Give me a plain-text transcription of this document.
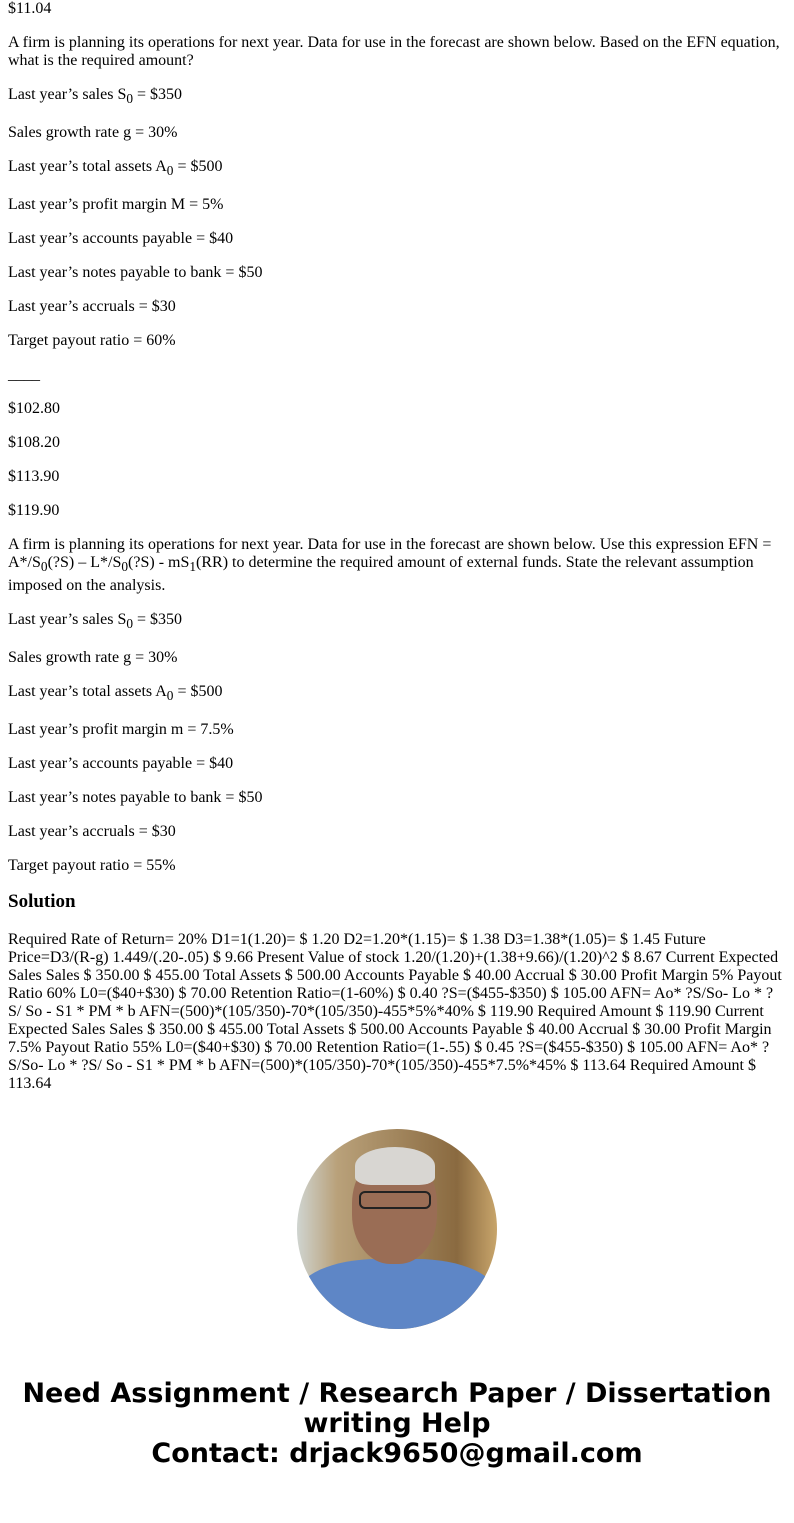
$11.04

A firm is planning its operations for next year. Data for use in the forecast are shown below. Based on the EFN equation, what is the required amount?

Last year’s sales $S_0$ = $350

Sales growth rate g = 30%

Last year’s total assets $A_0$ = $500

Last year’s profit margin M = 5%

Last year’s accounts payable = $40

Last year’s notes payable to bank = $50

Last year’s accruals = $30

Target payout ratio = 60%

____

$102.80

$108.20

$113.90

$119.90

A firm is planning its operations for next year. Data for use in the forecast are shown below. Use this expression EFN = $A*/S_0(?S)$ – $L*/S_0(?S) - mS_1(RR)$ to determine the required amount of external funds. State the relevant assumption imposed on the analysis.

Last year’s sales $S_0$ = $350

Sales growth rate g = 30%

Last year’s total assets $A_0$ = $500

Last year’s profit margin m = 7.5%

Last year’s accounts payable = $40

Last year’s notes payable to bank = $50

Last year’s accruals = $30

Target payout ratio = 55%

Solution
Required Rate of Return= 20% D1=1(1.20)= $ 1.20 D2=1.20*(1.15)= $ 1.38 D3=1.38*(1.05)= $ 1.45 Future Price=D3/(R-g) 1.449/(.20-.05) $ 9.66 Present Value of stock 1.20/(1.20)+(1.38+9.66)/(1.20)^2 $ 8.67 Current Expected Sales Sales $ 350.00 $ 455.00 Total Assets $ 500.00 Accounts Payable $ 40.00 Accrual $ 30.00 Profit Margin 5% Payout Ratio 60% L0=($40+$30) $ 70.00 Retention Ratio=(1-60%) $ 0.40 ?S=($455-$350) $ 105.00 AFN= Ao* ?S/So- Lo * ?S/ So - S1 * PM * b AFN=(500)*(105/350)-70*(105/350)-455*5%*40% $ 119.90 Required Amount $ 119.90 Current Expected Sales Sales $ 350.00 $ 455.00 Total Assets $ 500.00 Accounts Payable $ 40.00 Accrual $ 30.00 Profit Margin 7.5% Payout Ratio 55% L0=($40+$30) $ 70.00 Retention Ratio=(1-.55) $ 0.45 ?S=($455-$350) $ 105.00 AFN= Ao* ?S/So- Lo * ?S/ So - S1 * PM * b AFN=(500)*(105/350)-70*(105/350)-455*7.5%*45% $ 113.64 Required Amount $ 113.64
Need Assignment / Research Paper / Dissertation writing Help
Contact: drjack9650@gmail.com
